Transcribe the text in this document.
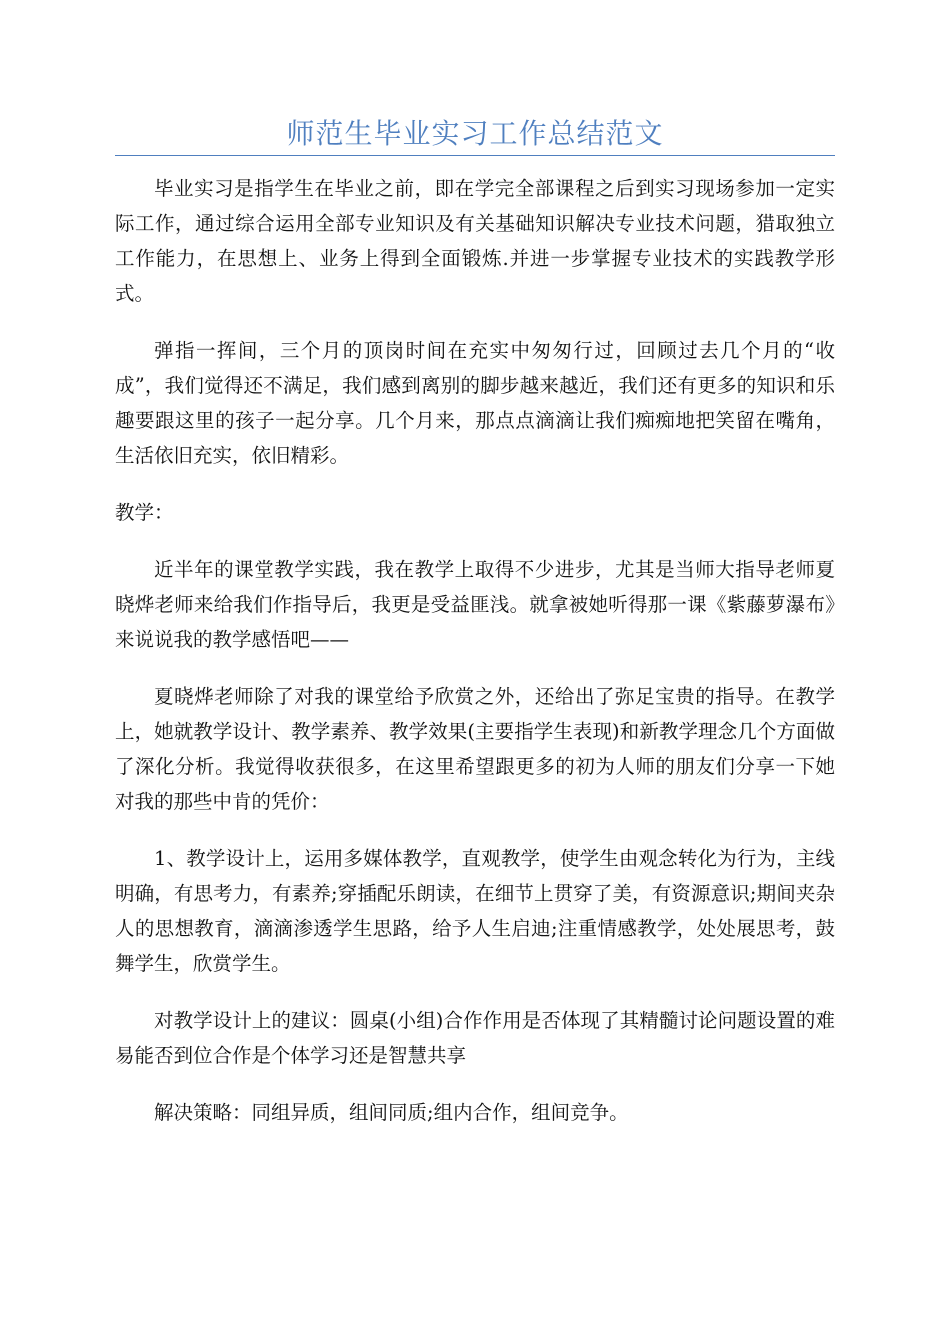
师范生毕业实习工作总结范文

毕业实习是指学生在毕业之前，即在学完全部课程之后到实习现场参加一定实际工作，通过综合运用全部专业知识及有关基础知识解决专业技术问题，猎取独立工作能力，在思想上、业务上得到全面锻炼.并进一步掌握专业技术的实践教学形式。

弹指一挥间，三个月的顶岗时间在充实中匆匆行过，回顾过去几个月的“收成”，我们觉得还不满足，我们感到离别的脚步越来越近，我们还有更多的知识和乐趣要跟这里的孩子一起分享。几个月来，那点点滴滴让我们痴痴地把笑留在嘴角，生活依旧充实，依旧精彩。

教学：

近半年的课堂教学实践，我在教学上取得不少进步，尤其是当师大指导老师夏晓烨老师来给我们作指导后，我更是受益匪浅。就拿被她听得那一课《紫藤萝瀑布》来说说我的教学感悟吧——

夏晓烨老师除了对我的课堂给予欣赏之外，还给出了弥足宝贵的指导。在教学上，她就教学设计、教学素养、教学效果(主要指学生表现)和新教学理念几个方面做了深化分析。我觉得收获很多，在这里希望跟更多的初为人师的朋友们分享一下她对我的那些中肯的凭价：

1、教学设计上，运用多媒体教学，直观教学，使学生由观念转化为行为，主线明确，有思考力，有素养;穿插配乐朗读，在细节上贯穿了美，有资源意识;期间夹杂人的思想教育，滴滴渗透学生思路，给予人生启迪;注重情感教学，处处展思考，鼓舞学生，欣赏学生。

对教学设计上的建议：圆桌(小组)合作作用是否体现了其精髓讨论问题设置的难易能否到位合作是个体学习还是智慧共享

解决策略：同组异质，组间同质;组内合作，组间竞争。
